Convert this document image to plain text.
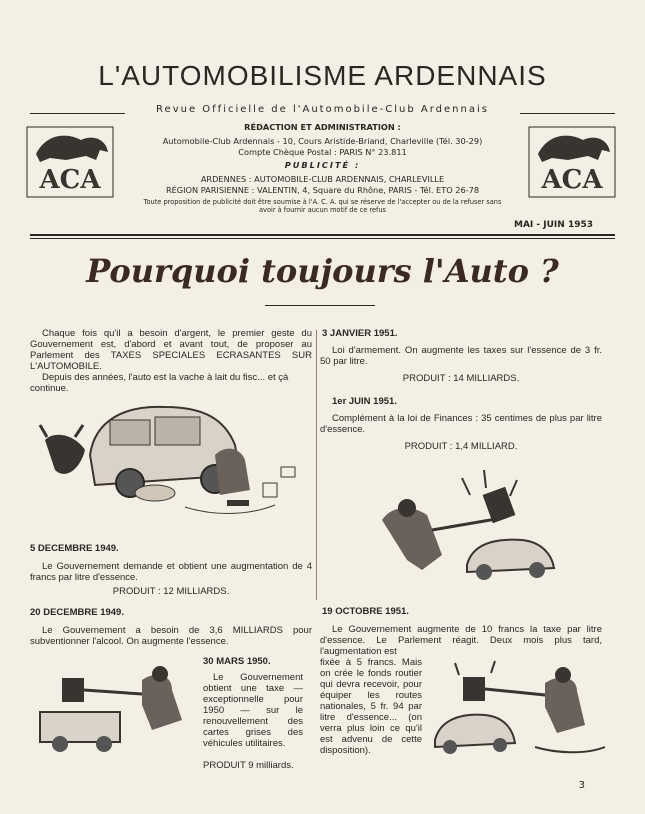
L'AUTOMOBILISME ARDENNAIS
Revue Officielle de l'Automobile-Club Ardennais
RÉDACTION ET ADMINISTRATION :
Automobile-Club Ardennais - 10, Cours Aristide-Briand, Charleville (Tél. 30-29)
Compte Chèque Postal : PARIS N° 23.811
PUBLICITÉ :
ARDENNES : AUTOMOBILE-CLUB ARDENNAIS, CHARLEVILLE
RÉGION PARISIENNE : VALENTIN, 4, Square du Rhône, PARIS - Tél. ETO 26-78
Toute proposition de publicité doit être soumise à l'A. C. A. qui se réserve de l'accepter ou de la refuser sans avoir à fournir aucun motif de ce refus
ACA	ACA
MAI - JUIN 1953
Pourquoi toujours l'Auto ?
Chaque fois qu'il a besoin d'argent, le premier geste du Gouvernement est, d'abord et avant tout, de proposer au Parlement des TAXES SPECIALES ECRASANTES SUR L'AUTOMOBILE.
Depuis des années, l'auto est la vache à lait du fisc... et çà continue.
5 DECEMBRE 1949.
Le Gouvernement demande et obtient une augmentation de 4 francs par litre d'essence.
PRODUIT : 12 MILLIARDS.
20 DECEMBRE 1949.
Le Gouvernement a besoin de 3,6 MILLIARDS pour subventionner l'alcool. On augmente l'essence.
30 MARS 1950.
Le Gouvernement obtient une taxe — exceptionnelle pour 1950 — sur le renouvellement des cartes grises des véhicules utilitaires.
PRODUIT 9 milliards.
3 JANVIER 1951.
Loi d'armement. On augmente les taxes sur l'essence de 3 fr. 50 par litre.
PRODUIT : 14 MILLIARDS.
1er JUIN 1951.
Complément à la loi de Finances : 35 centimes de plus par litre d'essence.
PRODUIT : 1,4 MILLIARD.
19 OCTOBRE 1951.
Le Gouvernement augmente de 10 francs la taxe par litre d'essence. Le Parlement réagit. Deux mois plus tard, l'augmentation est
fixée à 5 francs. Mais on crée le fonds routier qui devra recevoir, pour équiper les routes nationales, 5 fr. 94 par litre d'essence... (on verra plus loin ce qu'il est advenu de cette disposition).
3
